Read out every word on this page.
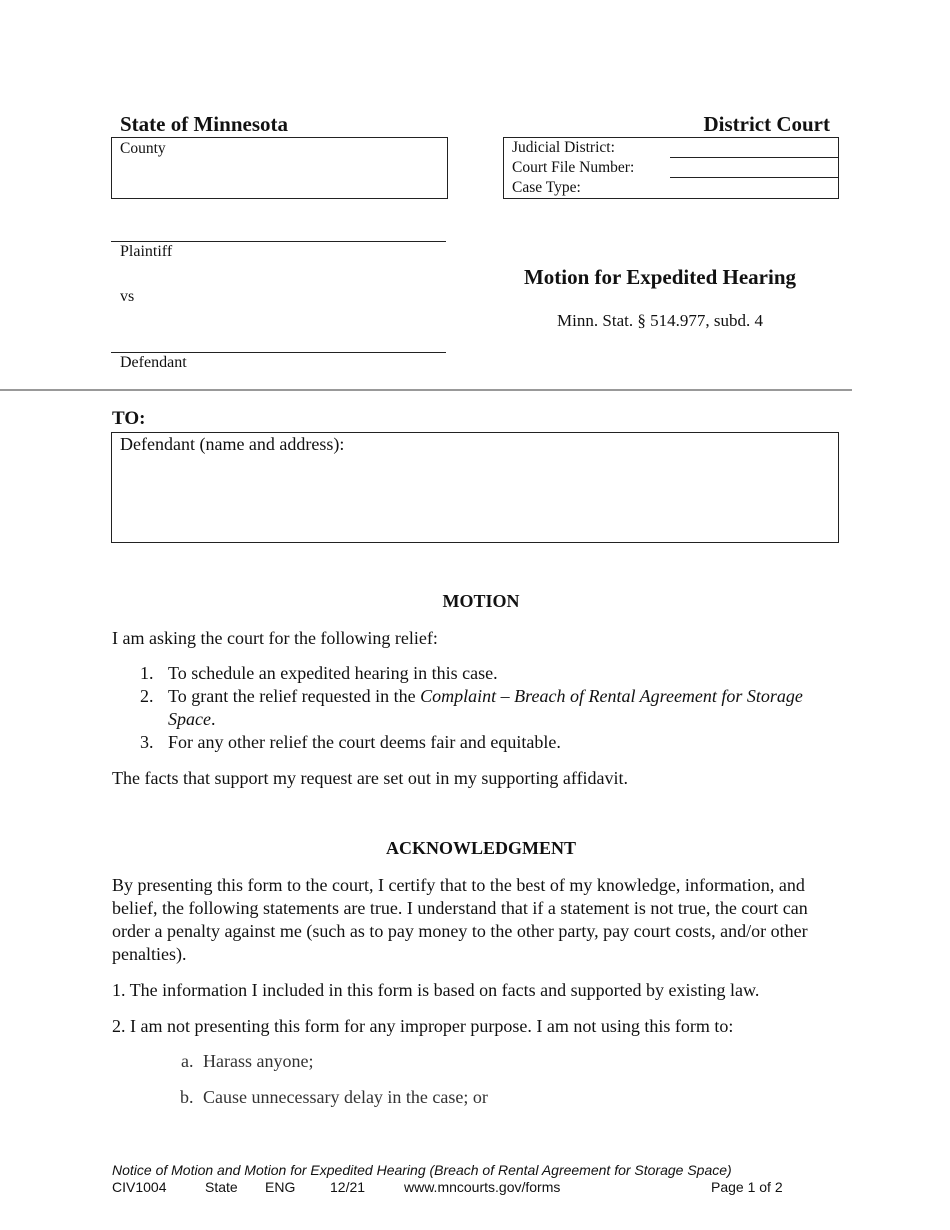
State of Minnesota	District Court
County	Judicial District:
Court File Number:
Case Type:
Plaintiff
vs
Defendant
Motion for Expedited Hearing
Minn. Stat. § 514.977, subd. 4
TO:
Defendant (name and address):
MOTION
I am asking the court for the following relief:
1. To schedule an expedited hearing in this case.
2. To grant the relief requested in the Complaint – Breach of Rental Agreement for Storage
Space.
3. For any other relief the court deems fair and equitable.
The facts that support my request are set out in my supporting affidavit.
ACKNOWLEDGMENT
By presenting this form to the court, I certify that to the best of my knowledge, information, and
belief, the following statements are true. I understand that if a statement is not true, the court can
order a penalty against me (such as to pay money to the other party, pay court costs, and/or other
penalties).
1. The information I included in this form is based on facts and supported by existing law.
2. I am not presenting this form for any improper purpose. I am not using this form to:
a. Harass anyone;
b. Cause unnecessary delay in the case; or
Notice of Motion and Motion for Expedited Hearing (Breach of Rental Agreement for Storage Space)
CIV1004	State ENG 12/21	www.mncourts.gov/forms	Page 1 of 2
